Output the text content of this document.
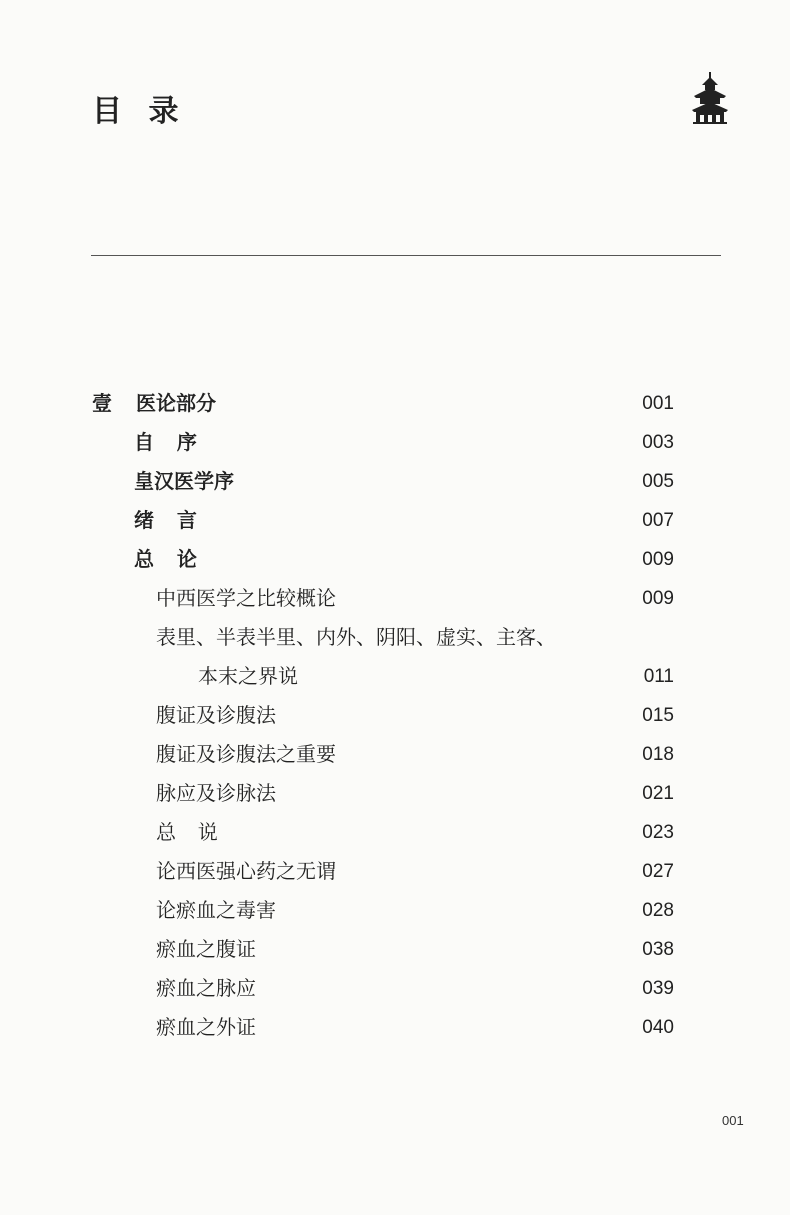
目 录
壹 医论部分	001
自  序	003
皇汉医学序	005
绪  言	007
总  论	009
中西医学之比较概论	009
表里、半表半里、内外、阴阳、虚实、主客、
本末之界说	011
腹证及诊腹法	015
腹证及诊腹法之重要	018
脉应及诊脉法	021
总  说	023
论西医强心药之无谓	027
论瘀血之毒害	028
瘀血之腹证	038
瘀血之脉应	039
瘀血之外证	040
001
